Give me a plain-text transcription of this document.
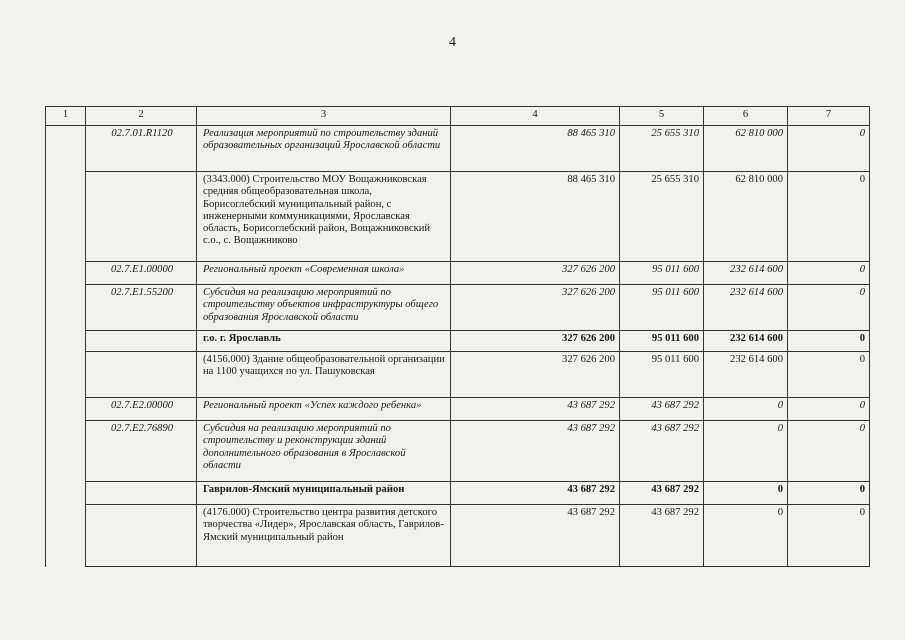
4
1	2	3	4	5	6	7
	02.7.01.R1120	Реализация мероприятий по строительству зданий образовательных организаций Ярославской области	88 465 310	25 655 310	62 810 000	0
		(3343.000) Строительство МОУ Вощажниковская средняя общеобразовательная школа, Борисоглебский муниципальный район, с инженерными коммуникациями, Ярославская область, Борисоглебский район, Вощажниковский с.о., с. Вощажниково	88 465 310	25 655 310	62 810 000	0
	02.7.E1.00000	Региональный проект «Современная школа»	327 626 200	95 011 600	232 614 600	0
	02.7.E1.55200	Субсидия на реализацию мероприятий по строительству объектов инфраструктуры общего образования Ярославской области	327 626 200	95 011 600	232 614 600	0
		г.о. г. Ярославль	327 626 200	95 011 600	232 614 600	0
		(4156.000) Здание общеобразовательной организации на 1100 учащихся по ул. Пашуковская	327 626 200	95 011 600	232 614 600	0
	02.7.E2.00000	Региональный проект «Успех каждого ребенка»	43 687 292	43 687 292	0	0
	02.7.E2.76890	Субсидия на реализацию мероприятий по строительству и реконструкции зданий дополнительного образования в Ярославской области	43 687 292	43 687 292	0	0
		Гаврилов-Ямский муниципальный район	43 687 292	43 687 292	0	0
		(4176.000) Строительство центра развития детского творчества «Лидер», Ярославская область, Гаврилов-Ямский муниципальный район	43 687 292	43 687 292	0	0
